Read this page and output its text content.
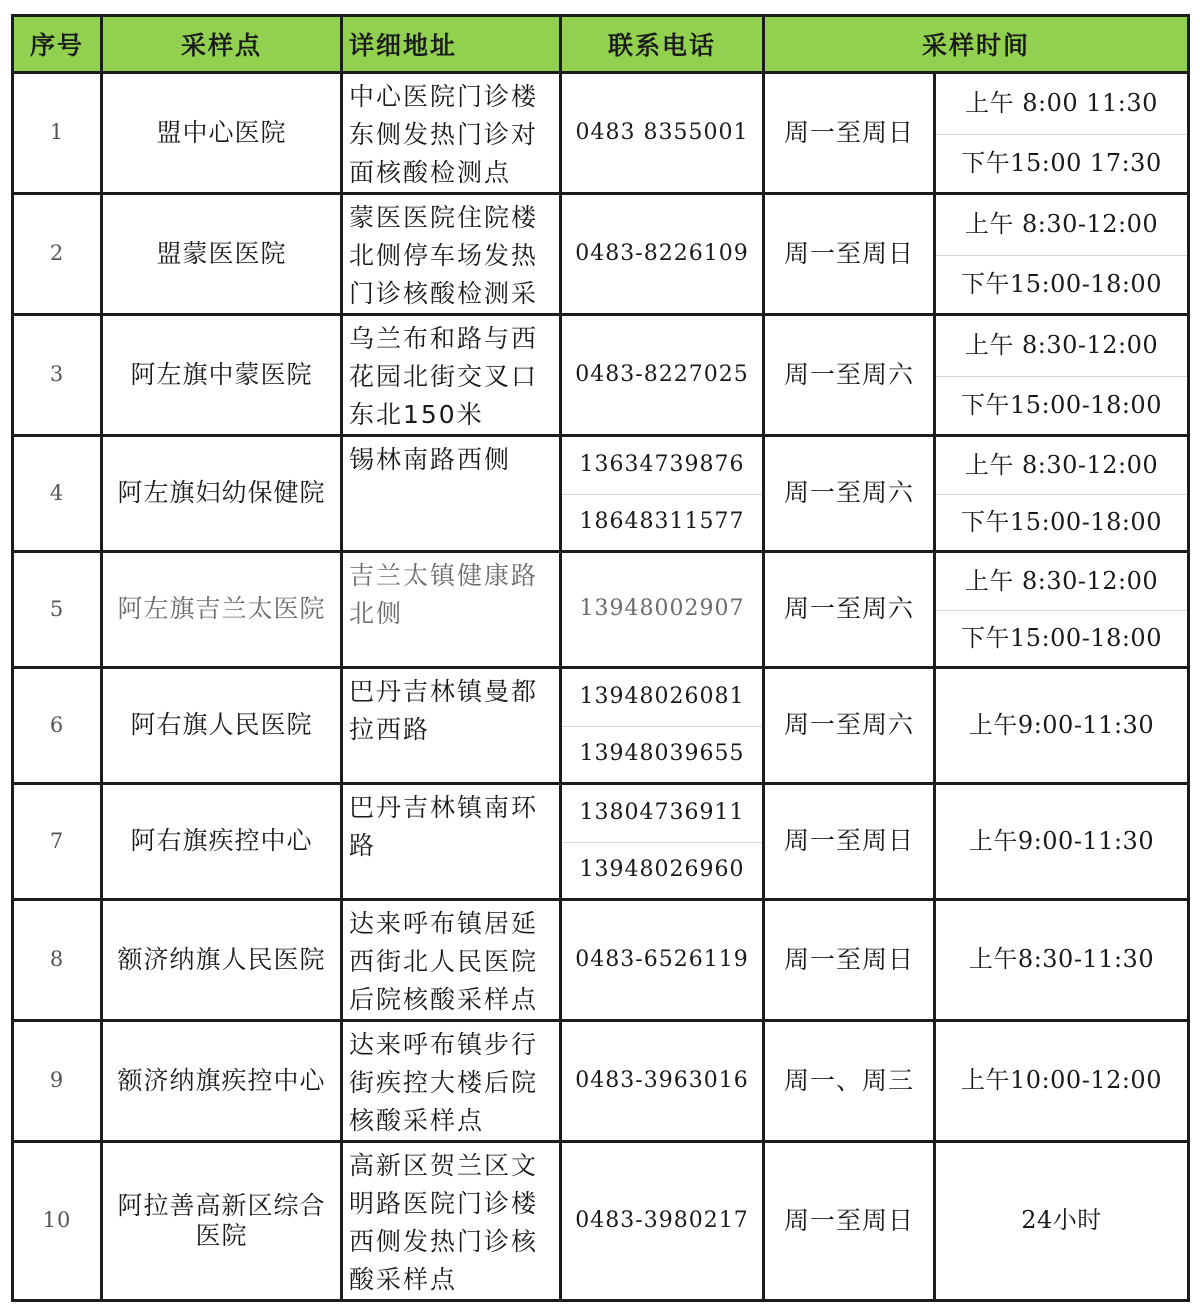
序号	采样点	详细地址	联系电话	采样时间	
1	盟中心医院	中心医院门诊楼东侧发热门诊对面核酸检测点	0483 8355001	周一至周日	上午 8:00 11:30
					下午15:00 17:30
2	盟蒙医医院	蒙医医院住院楼北侧停车场发热门诊核酸检测采	0483-8226109	周一至周日	上午 8:30-12:00
					下午15:00-18:00
3	阿左旗中蒙医院	乌兰布和路与西花园北街交叉口东北150米	0483-8227025	周一至周六	上午 8:30-12:00
					下午15:00-18:00
4	阿左旗妇幼保健院	锡林南路西侧	13634739876	周一至周六	上午 8:30-12:00
			18648311577		下午15:00-18:00
5	阿左旗吉兰太医院	吉兰太镇健康路北侧	13948002907	周一至周六	上午 8:30-12:00
					下午15:00-18:00
6	阿右旗人民医院	巴丹吉林镇曼都拉西路	13948026081	周一至周六	上午9:00-11:30
			13948039655		
7	阿右旗疾控中心	巴丹吉林镇南环路	13804736911	周一至周日	上午9:00-11:30
			13948026960		
8	额济纳旗人民医院	达来呼布镇居延西街北人民医院后院核酸采样点	0483-6526119	周一至周日	上午8:30-11:30
9	额济纳旗疾控中心	达来呼布镇步行街疾控大楼后院核酸采样点	0483-3963016	周一、周三	上午10:00-12:00
10	阿拉善高新区综合医院	高新区贺兰区文明路医院门诊楼西侧发热门诊核酸采样点	0483-3980217	周一至周日	24小时
